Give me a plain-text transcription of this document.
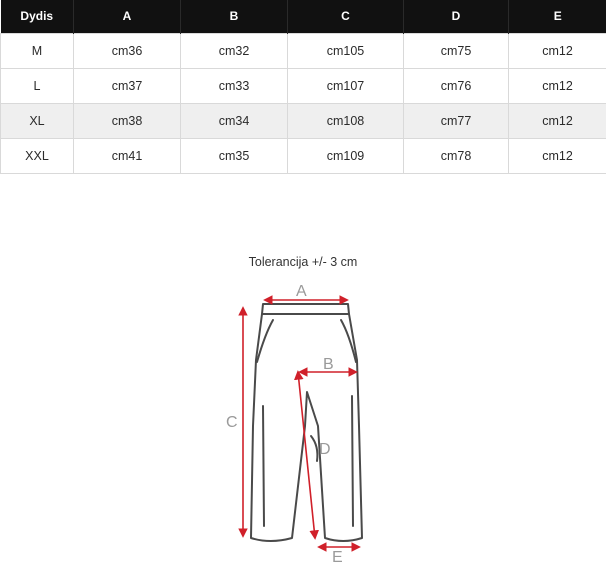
Dydis	A	B	C	D	E
M	cm36	cm32	cm105	cm75	cm12
L	cm37	cm33	cm107	cm76	cm12
XL	cm38	cm34	cm108	cm77	cm12
XXL	cm41	cm35	cm109	cm78	cm12
Tolerancija +/- 3 cm
A
B
C
D
E
